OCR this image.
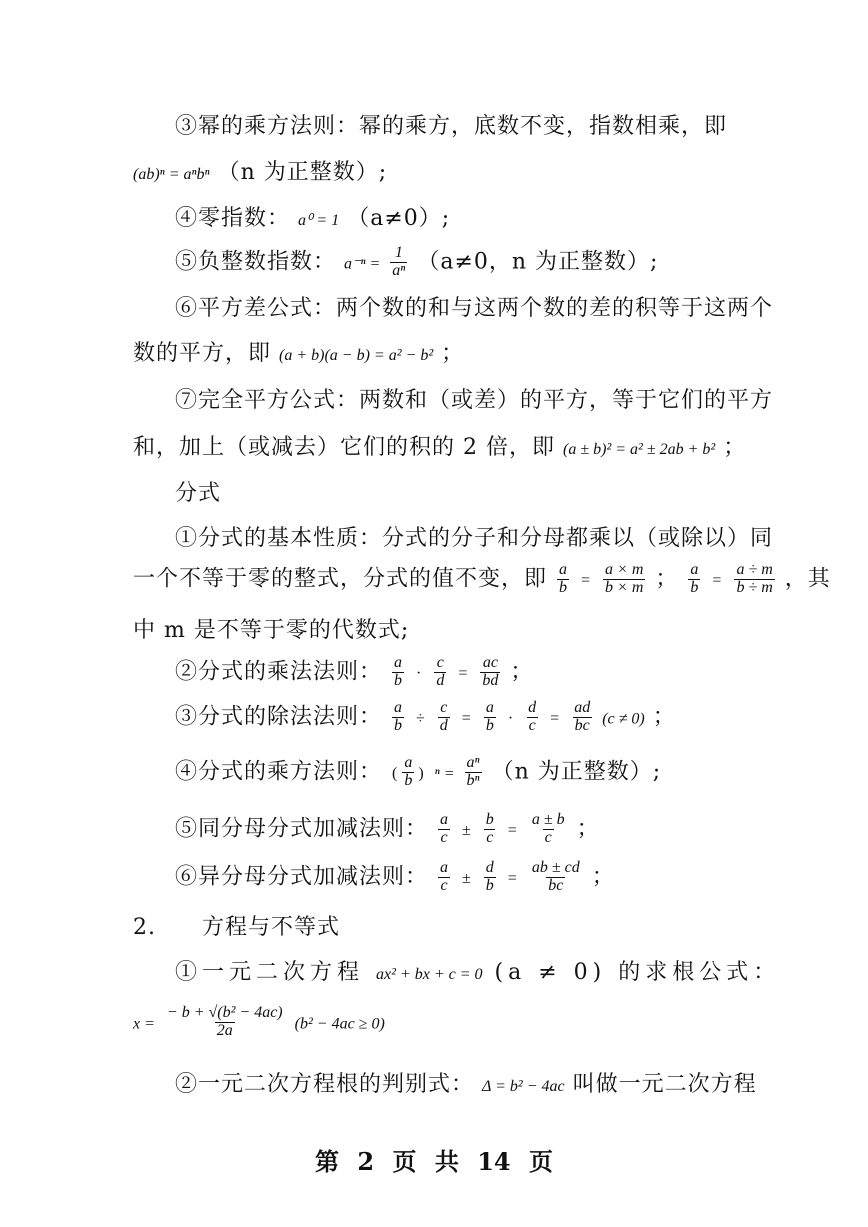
③幂的乘方法则：幂的乘方，底数不变，指数相乘，即
(ab)ⁿ = aⁿbⁿ （n 为正整数）;
④零指数： a⁰ = 1 （a≠0）;
⑤负整数指数： $a^{-n} = \frac{1}{\text{aⁿ}} (a\ne 0$，n 为正整数）;
⑥平方差公式：两个数的和与这两个数的差的积等于这两个
数的平方，即 (a + b)(a − b) = a² − b² ；
⑦完全平方公式：两数和（或差）的平方，等于它们的平方
和，加上（或减去）它们的积的 2 倍，即 (a ± b)² = a² ± 2ab + b² ；
分式
①分式的基本性质：分式的分子和分母都乘以（或除以）同
一个不等于零的整式，分式的值不变，即 $\frac{a}{b} = \frac{a \times m}{b \times m}$ ； $\frac{a}{b} = \frac{a \div m}{b \div m}$ ，其
中 m 是不等于零的代数式;
②分式的乘法法则： $\frac{a}{b} \cdot \frac{c}{d} = \frac{ac}{bd}$ ；
③分式的除法法则： $\frac{a}{b} \div \frac{c}{d} = \frac{a}{b} \cdot \frac{d}{c} = \frac{ad}{bc} (c \ne 0)$ ；
④分式的乘方法则： ( $\frac{a}{b}$ ) $^n = \frac{\text{aⁿ}}{\text{bⁿ}} (n$ 为正整数）;
⑤同分母分式加减法则： $\frac{a}{c} \pm \frac{b}{c} = \frac{a \pm b}{c}$ ；
⑥异分母分式加减法则： $\frac{a}{c} \pm \frac{d}{b} = \frac{ab \pm cd}{bc}$ ；
2. 方程与不等式
①一元二次方程 ax² + bx + c = 0 (a ≠ 0) 的求根公式：
$x = \frac{\text{− b + √(b² − 4ac)}}{2a} (b^2 - 4ac \ge 0)$
②一元二次方程根的判别式： Δ = b² − 4ac 叫做一元二次方程
第 2 页 共 14 页
